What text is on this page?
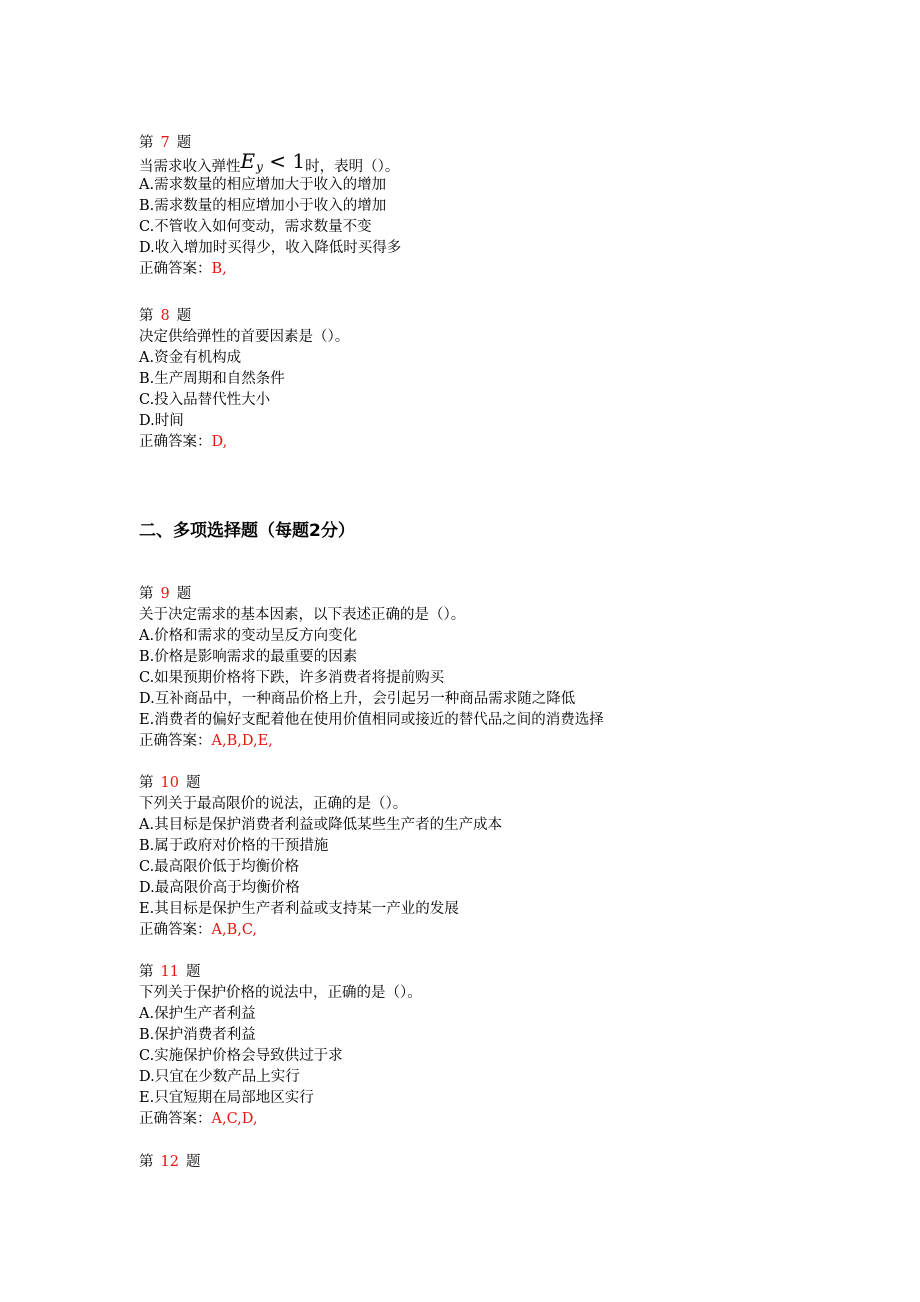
第 7 题
当需求收入弹性$E_y < 1$时，表明（）。
A.需求数量的相应增加大于收入的增加
B.需求数量的相应增加小于收入的增加
C.不管收入如何变动，需求数量不变
D.收入增加时买得少，收入降低时买得多
正确答案：B,
第 8 题
决定供给弹性的首要因素是（）。
A.资金有机构成
B.生产周期和自然条件
C.投入品替代性大小
D.时间
正确答案：D,
二、多项选择题（每题2分）
第 9 题
关于决定需求的基本因素，以下表述正确的是（）。
A.价格和需求的变动呈反方向变化
B.价格是影响需求的最重要的因素
C.如果预期价格将下跌，许多消费者将提前购买
D.互补商品中，一种商品价格上升，会引起另一种商品需求随之降低
E.消费者的偏好支配着他在使用价值相同或接近的替代品之间的消费选择
正确答案：A,B,D,E,
第 10 题
下列关于最高限价的说法，正确的是（）。
A.其目标是保护消费者利益或降低某些生产者的生产成本
B.属于政府对价格的干预措施
C.最高限价低于均衡价格
D.最高限价高于均衡价格
E.其目标是保护生产者利益或支持某一产业的发展
正确答案：A,B,C,
第 11 题
下列关于保护价格的说法中，正确的是（）。
A.保护生产者利益
B.保护消费者利益
C.实施保护价格会导致供过于求
D.只宜在少数产品上实行
E.只宜短期在局部地区实行
正确答案：A,C,D,
第 12 题
